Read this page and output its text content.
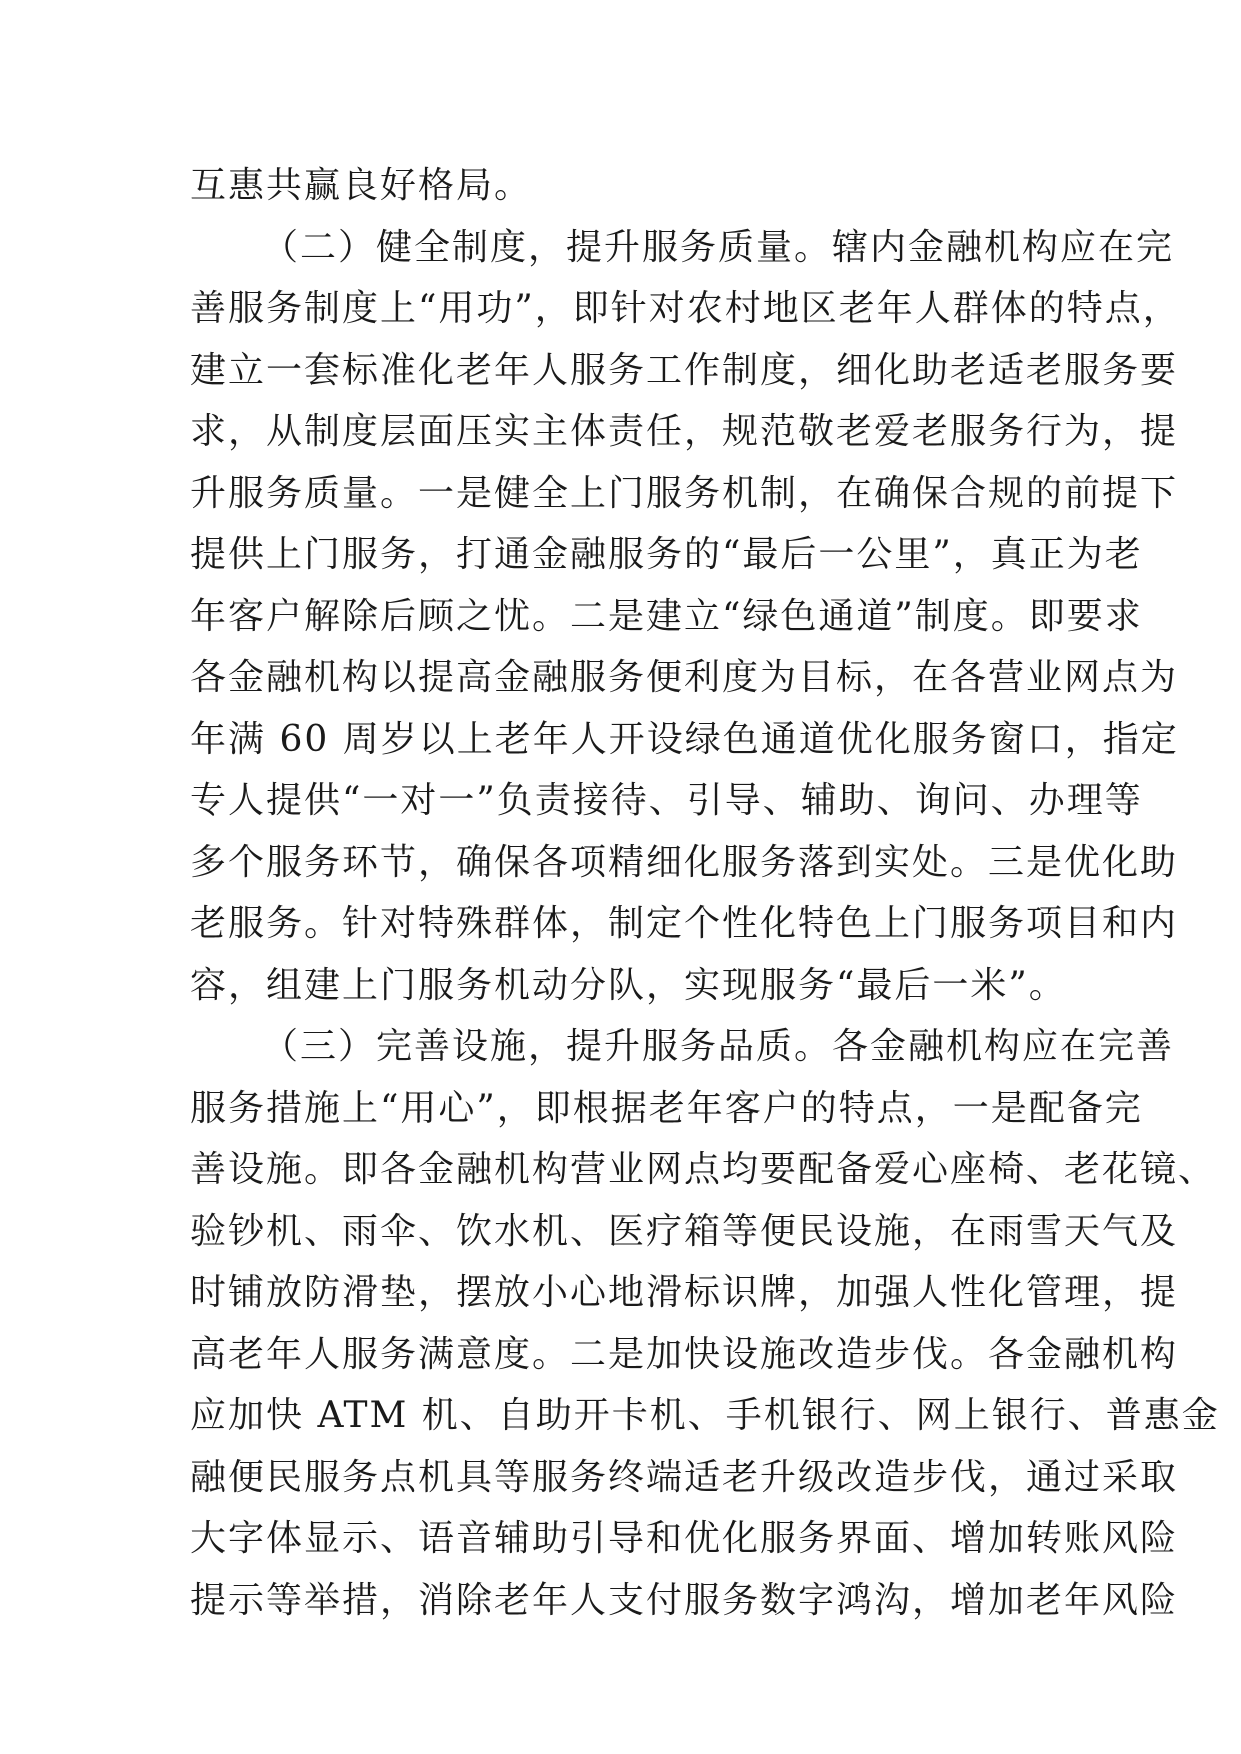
互惠共赢良好格局。
（二）健全制度，提升服务质量。辖内金融机构应在完
善服务制度上“用功”，即针对农村地区老年人群体的特点，
建立一套标准化老年人服务工作制度，细化助老适老服务要
求，从制度层面压实主体责任，规范敬老爱老服务行为，提
升服务质量。一是健全上门服务机制，在确保合规的前提下
提供上门服务，打通金融服务的“最后一公里”，真正为老
年客户解除后顾之忧。二是建立“绿色通道”制度。即要求
各金融机构以提高金融服务便利度为目标，在各营业网点为
年满 60 周岁以上老年人开设绿色通道优化服务窗口，指定
专人提供“一对一”负责接待、引导、辅助、询问、办理等
多个服务环节，确保各项精细化服务落到实处。三是优化助
老服务。针对特殊群体，制定个性化特色上门服务项目和内
容，组建上门服务机动分队，实现服务“最后一米”。
（三）完善设施，提升服务品质。各金融机构应在完善
服务措施上“用心”，即根据老年客户的特点，一是配备完
善设施。即各金融机构营业网点均要配备爱心座椅、老花镜、
验钞机、雨伞、饮水机、医疗箱等便民设施，在雨雪天气及
时铺放防滑垫，摆放小心地滑标识牌，加强人性化管理，提
高老年人服务满意度。二是加快设施改造步伐。各金融机构
应加快 ATM 机、自助开卡机、手机银行、网上银行、普惠金
融便民服务点机具等服务终端适老升级改造步伐，通过采取
大字体显示、语音辅助引导和优化服务界面、增加转账风险
提示等举措，消除老年人支付服务数字鸿沟，增加老年风险
